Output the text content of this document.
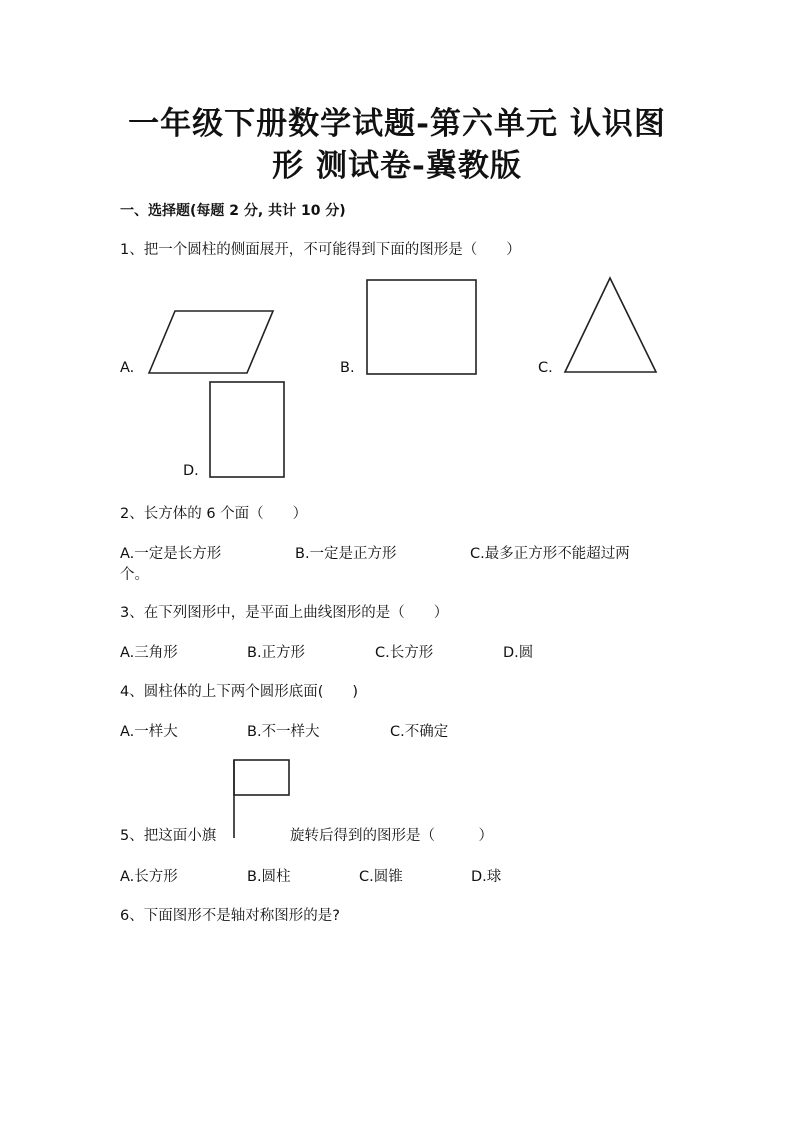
一年级下册数学试题-第六单元 认识图
形 测试卷-冀教版
一、选择题(每题 2 分, 共计 10 分)
1、把一个圆柱的侧面展开，不可能得到下面的图形是（　　）
A.	B.	C.
D.
2、长方体的 6 个面（　　）
A.一定是长方形	B.一定是正方形	C.最多正方形不能超过两
个。
3、在下列图形中，是平面上曲线图形的是（　　）
A.三角形	B.正方形	C.长方形	D.圆
4、圆柱体的上下两个圆形底面(　　)
A.一样大	B.不一样大	C.不确定
5、把这面小旗	旋转后得到的图形是（　　　）
A.长方形	B.圆柱	C.圆锥	D.球
6、下面图形不是轴对称图形的是?
